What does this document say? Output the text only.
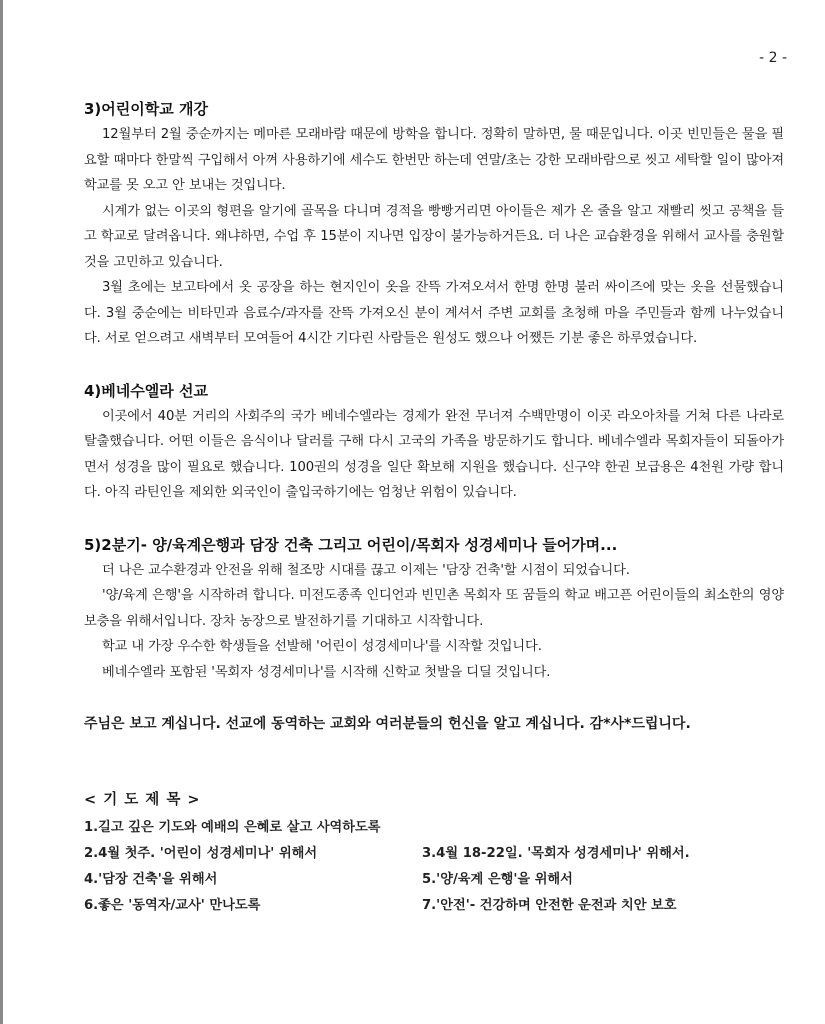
- 2 -

3)어린이학교 개강

12월부터 2월 중순까지는 메마른 모래바람 때문에 방학을 합니다. 정확히 말하면, 물 때문입니다. 이곳 빈민들은 물을 필요할 때마다 한말씩 구입해서 아껴 사용하기에 세수도 한번만 하는데 연말/초는 강한 모래바람으로 씻고 세탁할 일이 많아져 학교를 못 오고 안 보내는 것입니다.

시계가 없는 이곳의 형편을 알기에 골목을 다니며 경적을 빵빵거리면 아이들은 제가 온 줄을 알고 재빨리 씻고 공책을 들고 학교로 달려옵니다. 왜냐하면, 수업 후 15분이 지나면 입장이 불가능하거든요. 더 나은 교습환경을 위해서 교사를 충원할 것을 고민하고 있습니다.

3월 초에는 보고타에서 옷 공장을 하는 현지인이 옷을 잔뜩 가져오셔서 한명 한명 불러 싸이즈에 맞는 옷을 선물했습니다. 3월 중순에는 비타민과 음료수/과자를 잔뜩 가져오신 분이 계셔서 주변 교회를 초청해 마을 주민들과 함께 나누었습니다. 서로 얻으려고 새벽부터 모여들어 4시간 기다린 사람들은 원성도 했으나 어쨌든 기분 좋은 하루였습니다.

4)베네수엘라 선교

이곳에서 40분 거리의 사회주의 국가 베네수엘라는 경제가 완전 무너져 수백만명이 이곳 라오아차를 거쳐 다른 나라로 탈출했습니다. 어떤 이들은 음식이나 달러를 구해 다시 고국의 가족을 방문하기도 합니다. 베네수엘라 목회자들이 되돌아가면서 성경을 많이 필요로 했습니다. 100권의 성경을 일단 확보해 지원을 했습니다. 신구약 한권 보급용은 4천원 가량 합니다. 아직 라틴인을 제외한 외국인이 출입국하기에는 엄청난 위험이 있습니다.

5)2분기- 양/육계은행과 담장 건축 그리고 어린이/목회자 성경세미나 들어가며...

더 나은 교수환경과 안전을 위해 철조망 시대를 끊고 이제는 '담장 건축'할 시점이 되었습니다.

'양/육계 은행'을 시작하려 합니다. 미전도종족 인디언과 빈민촌 목회자 또 꿈들의 학교 배고픈 어린이들의 최소한의 영양보충을 위해서입니다. 장차 농장으로 발전하기를 기대하고 시작합니다.

학교 내 가장 우수한 학생들을 선발해 '어린이 성경세미나'를 시작할 것입니다.

베네수엘라 포함된 '목회자 성경세미나'를 시작해 신학교 첫발을 디딜 것입니다.

주님은 보고 계십니다. 선교에 동역하는 교회와 여러분들의 헌신을 알고 계십니다. 감*사*드립니다.

< 기 도 제 목 >

1.길고 깊은 기도와 예배의 은혜로 살고 사역하도록
2.4월 첫주. '어린이 성경세미나' 위해서	3.4월 18-22일. '목회자 성경세미나' 위해서.
4.'담장 건축'을 위해서	5.'양/육계 은행'을 위해서
6.좋은 '동역자/교사' 만나도록	7.'안전'- 건강하며 안전한 운전과 치안 보호
